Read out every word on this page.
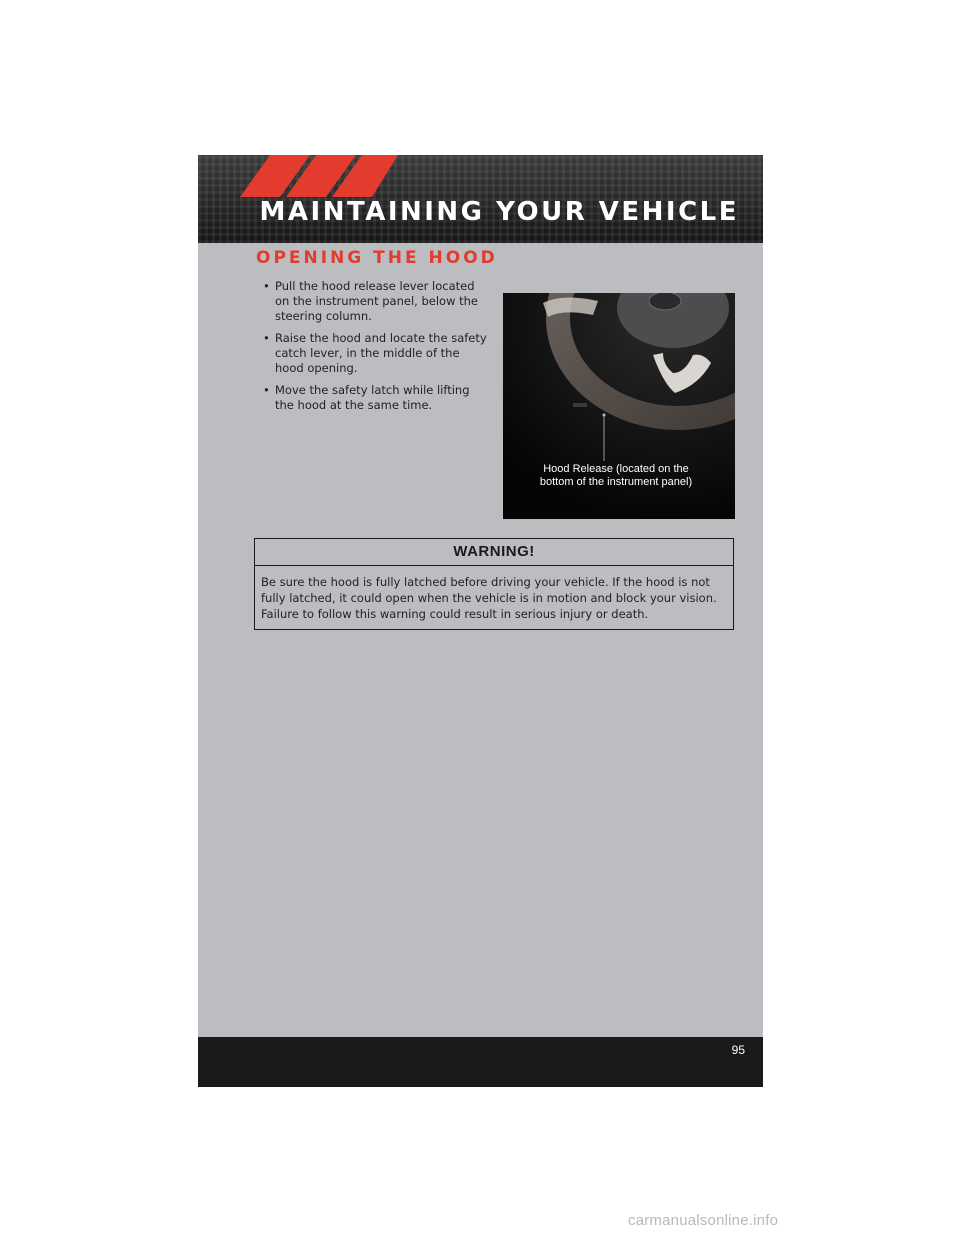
MAINTAINING YOUR VEHICLE
OPENING THE HOOD
• Pull the hood release lever located on the instrument panel, below the steering column.
• Raise the hood and locate the safety catch lever, in the middle of the hood opening.
• Move the safety latch while lifting the hood at the same time.
Hood Release (located on the bottom of the instrument panel)
WARNING!
Be sure the hood is fully latched before driving your vehicle. If the hood is not fully latched, it could open when the vehicle is in motion and block your vision. Failure to follow this warning could result in serious injury or death.
95
carmanualsonline.info
